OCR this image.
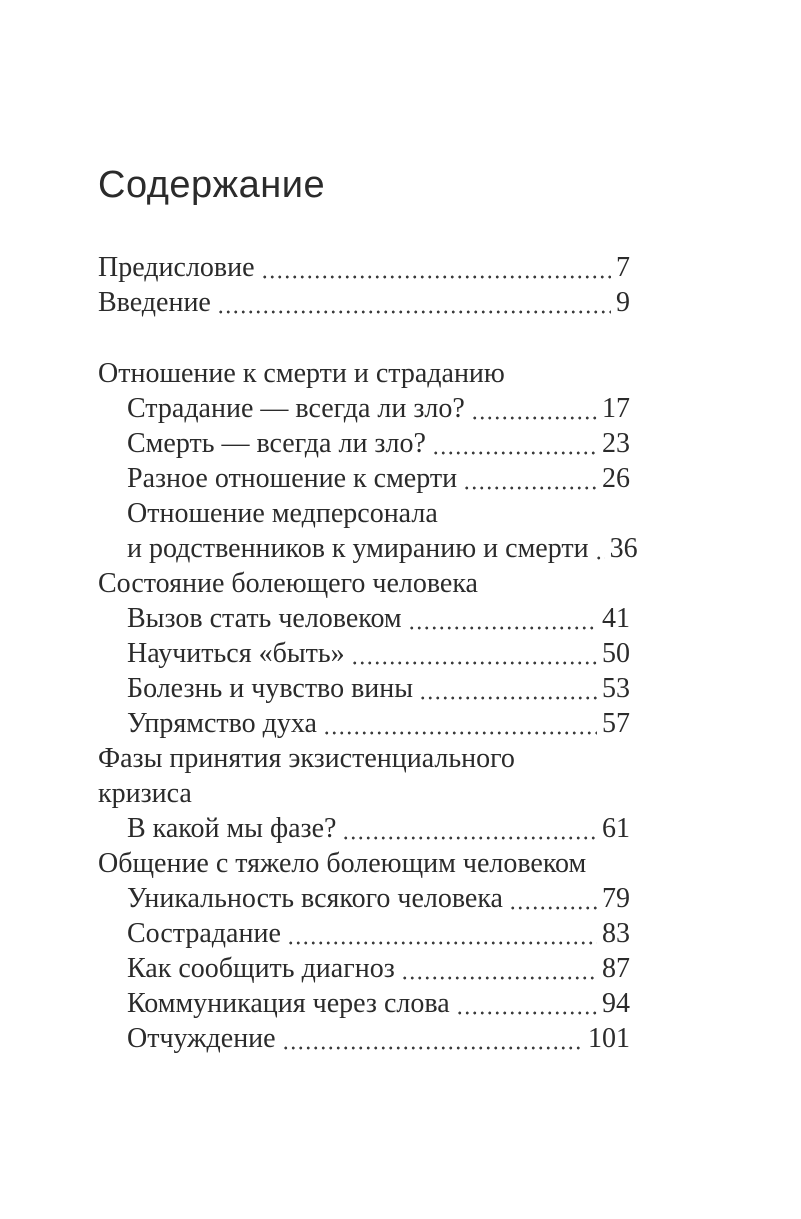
Содержание
Предисловие	7
Введение	9
Отношение к смерти и страданию
Страдание — всегда ли зло?	17
Смерть — всегда ли зло?	23
Разное отношение к смерти	26
Отношение медперсонала
и родственников к умиранию и смерти 36
Состояние болеющего человека
Вызов стать человеком	41
Научиться «быть»	50
Болезнь и чувство вины	53
Упрямство духа	57
Фазы принятия экзистенциального
кризиса
В какой мы фазе?	61
Общение с тяжело болеющим человеком
Уникальность всякого человека	79
Сострадание	83
Как сообщить диагноз	87
Коммуникация через слова	94
Отчуждение	101
